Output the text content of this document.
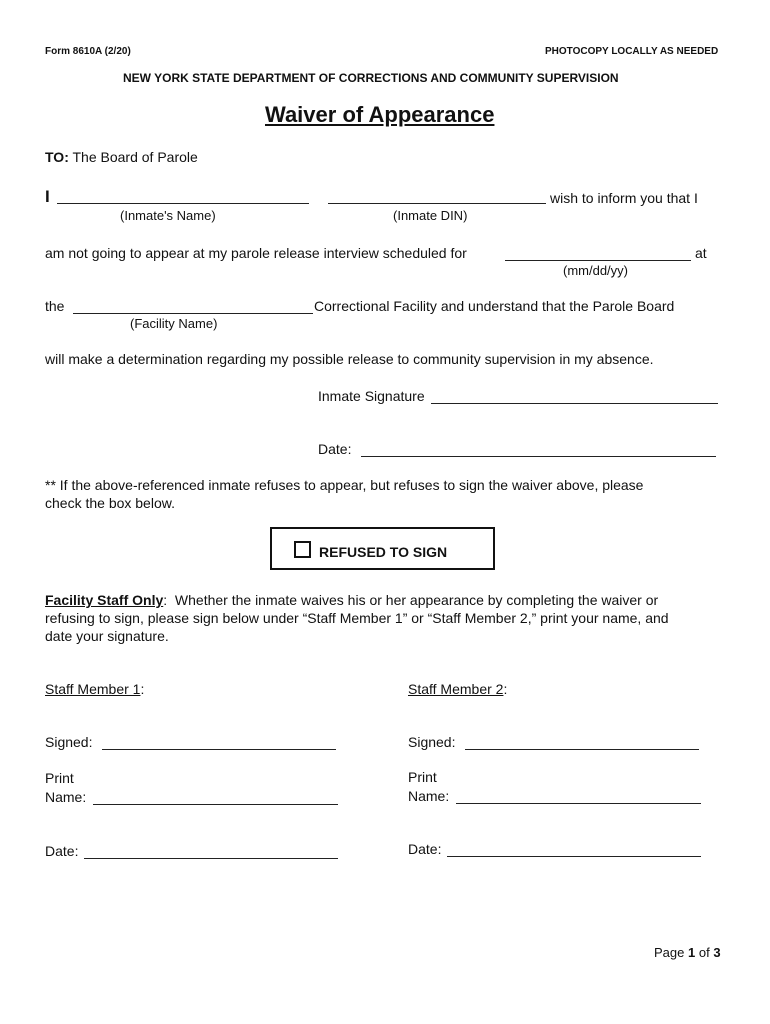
Form 8610A (2/20)	PHOTOCOPY LOCALLY AS NEEDED
NEW YORK STATE DEPARTMENT OF CORRECTIONS AND COMMUNITY SUPERVISION
Waiver of Appearance
TO: The Board of Parole
I	wish to inform you that I
(Inmate's Name)	(Inmate DIN)
am not going to appear at my parole release interview scheduled for	at
(mm/dd/yy)
the	Correctional Facility and understand that the Parole Board
(Facility Name)
will make a determination regarding my possible release to community supervision in my absence.
Inmate Signature
Date:
** If the above-referenced inmate refuses to appear, but refuses to sign the waiver above, please
check the box below.
REFUSED TO SIGN
Facility Staff Only: Whether the inmate waives his or her appearance by completing the waiver or
refusing to sign, please sign below under “Staff Member 1” or “Staff Member 2,” print your name, and
date your signature.
Staff Member 1:
Signed:
Print
Name:
Date:
Staff Member 2:
Signed:
Print
Name:
Date:
Page 1 of 3
